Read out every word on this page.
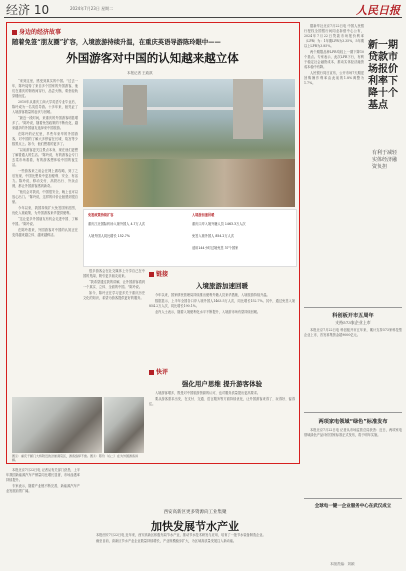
经济 10	2024年7月23日 星期二	人民日报
身边的经济故事
随着免签“朋友圈”扩容，入境旅游持续升温，在重庆英语导游陈玲眼中——
外国游客对中国的认知越来越立体
本报记者 王政淇

“来到这里，感受到真实的中国。”过去一年，陈玲接待了来自多个国家的外国游客，他们在重庆的街巷间穿行，品尝火锅，乘坐轻轨穿楼而过。

2010年从重庆工商大学英语专业毕业后，陈玲成为一名英语导游。十多年来，她见证了入境游客数量的起伏与回暖。

“最近一段时间，来重庆的外国游客明显增多了。”陈玲说，随着免签政策的不断优化，越来越多的外国朋友选择来中国旅游。

在陈玲的记忆里，早些年来华的外国游客，对中国的了解大多停留在长城、故宫等少数景点上。如今，他们想看的更多了。

“以前游客更关注景点本身，现在他们更想了解普通人的生活。”陈玲说，有的游客会专门去菜市场看看，有的游客想体验中国的夜生活。

一些游客来之前会在网上做攻略，到了之后发现，中国比想象中更加便利、安全、有活力。陈玲说，移动支付、高铁出行、外卖点餐，都让外国游客感到新奇。

“他们会对我说，中国很安全，晚上也可以放心出门。”陈玲说，这样的评价让她感到很自豪。

今年以来，我国持续扩大免签国家范围，优化入境政策，为外国游客来华提供便利。

“这让更多外国朋友有机会走进中国、了解中国。”陈玲说。

在陈玲看来，外国游客对中国的认知正在变得越来越立体、越来越鲜活。

免签政策持续扩容	入境游加速回暖
重庆江北国际机场入境外国人 4.7万人次
入境外国人同比增长 152.7%
重庆口岸入境外籍人员 1463.3万人次
免签入境外国人 854.2万人次
适用144小时过境免签 37个国家

很多游客会在社交媒体上分享自己在中国的见闻，吸引更多朋友前来。

“我希望通过我的讲解，让外国游客看到一个真实、立体、全面的中国。”陈玲说。

如今，陈玲正在学习更多关于重庆历史文化的知识，希望为游客提供更好的服务。

链接
入境旅游加速回暖

今年以来，国家移民管理局持续推出便利外籍人员来华措施，入境旅游持续升温。

数据显示，上半年全国各口岸入境外国人1463.5万人次，同比增长152.7%。其中，通过免签入境854.2万人次，同比增长190.1%。

业内人士表示，随着入境便利化水平不断提升，入境游市场有望持续回暖。

快评
强化用户思维 提升游客体验

入境游客增多，既是对中国旅游资源的认可，也对服务质量提出更高要求。

要从游客需求出发，在支付、交通、语言服务等方面持续优化，让外国游客来得了、玩得好、留得住。

图①：重庆千厮门大桥附近的洪崖洞景区，游客络绎不绝。图②：陈玲（右二）在为外国游客讲解。

据新华社北京7月22日电 中国人民银行授权全国银行间同业拆借中心公布，2024年7月22日贷款市场报价利率（LPR）为：1年期LPR为3.35%，5年期以上LPR为3.85%。

两个期限品种LPR均较上一期下降10个基点。专家表示，此次LPR下行，有利于稳定社会融资成本，推动实体经济融资成本稳中有降。

人民银行同日宣布，公开市场7天期逆回购操作利率由此前的1.8%调整为1.7%。

新一期贷款市场报价利率下降十个基点
有利于减轻实体经济融资负担
科创板开市五周年
支持573家企业上市

本报北京7月22日电 科创板开市五年来，累计支持573家科技型企业上市，首发募集资金超9000亿元。

两项家电领域“绿色”标准发布

本报北京7月22日电 记者从市场监管总局获悉：近日，两项家电领域绿色产品评价国家标准正式发布，将于明年实施。

全球电一键一企业服务中心在武汉成立

本报北京7月22日电 记者从有关部门获悉，上半年我国新能源汽车产销量同比增长显著，市场渗透率持续提升。

专家表示，随着产业链不断完善，新能源汽车产业发展前景广阔。

西安高新区更多资源向工业集聚
加快发展节水产业

本报西安7月22日电 近年来，西安高新区积极布局节水产业，推动节水技术研发与应用，培育了一批节水装备制造企业。

截至目前，高新区节水产业企业数量持续增长，产业规模稳步扩大，为区域高质量发展注入新动能。

本版责编：刘颖
